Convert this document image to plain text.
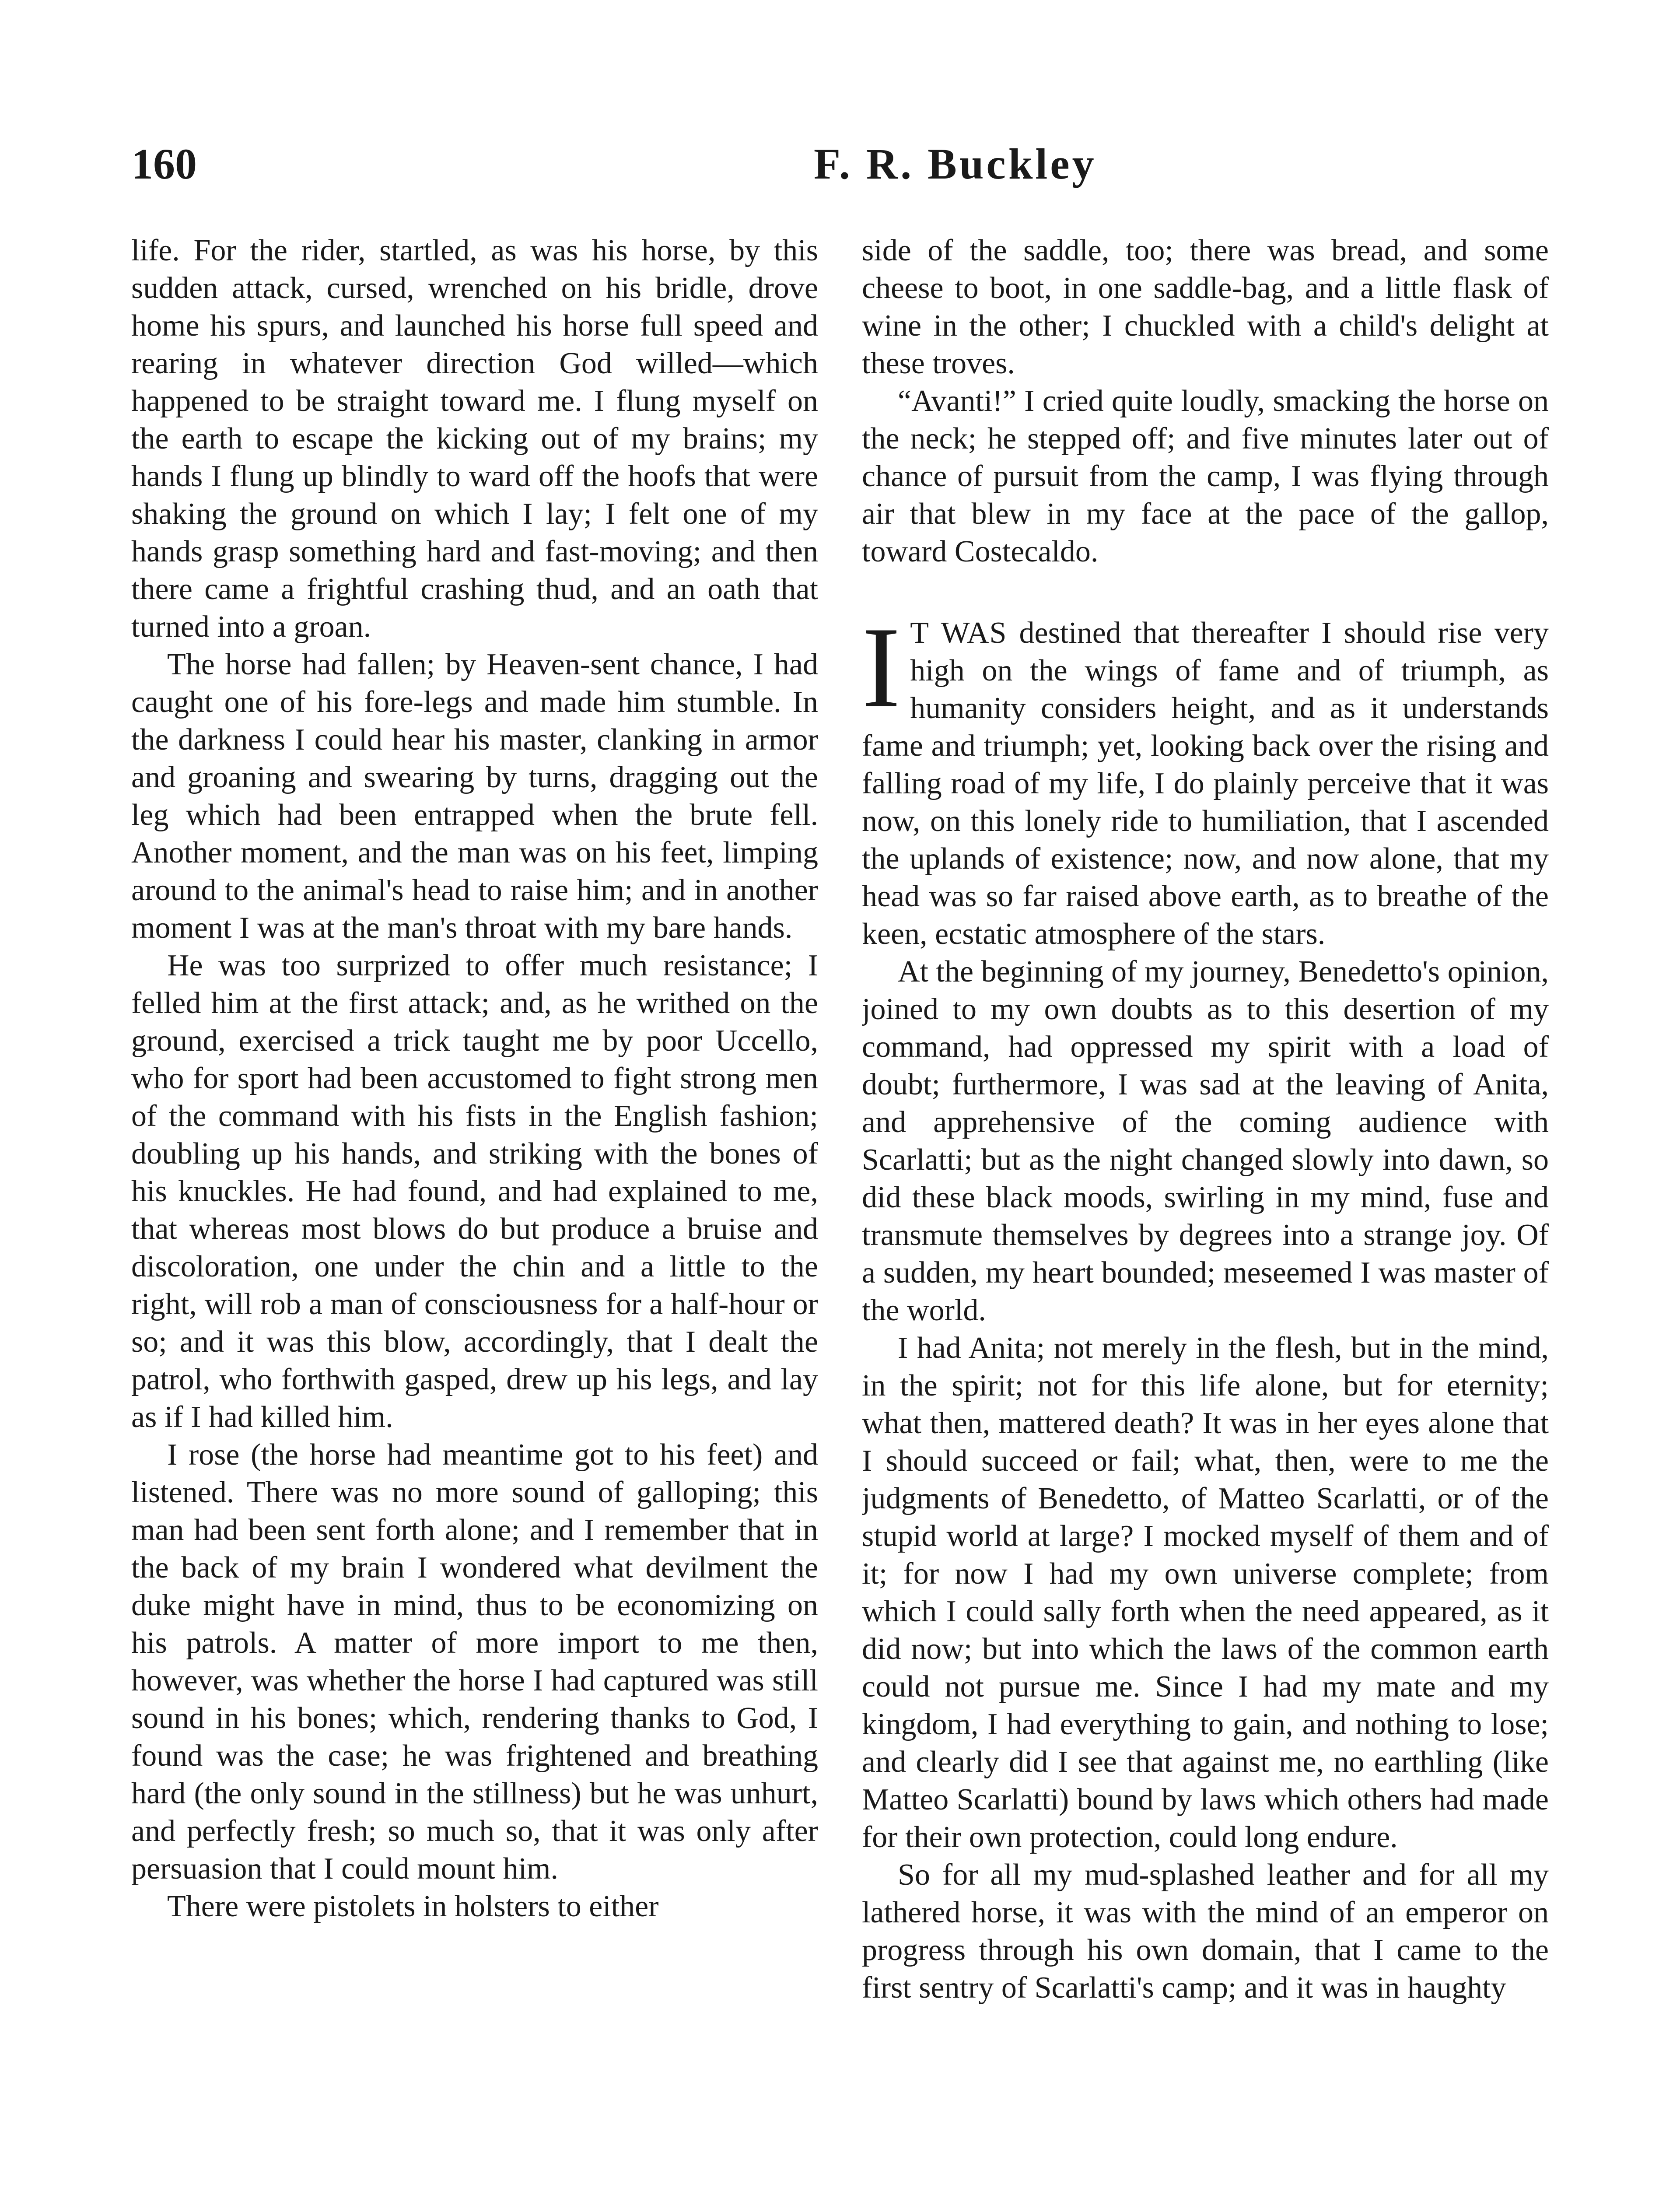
160	F. R. Buckley

life. For the rider, startled, as was his horse, by this sudden attack, cursed, wrenched on his bridle, drove home his spurs, and launched his horse full speed and rearing in whatever direction God willed—which happened to be straight toward me. I flung myself on the earth to escape the kicking out of my brains; my hands I flung up blindly to ward off the hoofs that were shaking the ground on which I lay; I felt one of my hands grasp something hard and fast-moving; and then there came a frightful crashing thud, and an oath that turned into a groan.

The horse had fallen; by Heaven-sent chance, I had caught one of his fore-legs and made him stumble. In the darkness I could hear his master, clanking in armor and groaning and swearing by turns, dragging out the leg which had been entrapped when the brute fell. Another moment, and the man was on his feet, limping around to the animal's head to raise him; and in another moment I was at the man's throat with my bare hands.

He was too surprized to offer much resistance; I felled him at the first attack; and, as he writhed on the ground, exercised a trick taught me by poor Uccello, who for sport had been accustomed to fight strong men of the command with his fists in the English fashion; doubling up his hands, and striking with the bones of his knuckles. He had found, and had explained to me, that whereas most blows do but produce a bruise and discoloration, one under the chin and a little to the right, will rob a man of consciousness for a half-hour or so; and it was this blow, accordingly, that I dealt the patrol, who forthwith gasped, drew up his legs, and lay as if I had killed him.

I rose (the horse had meantime got to his feet) and listened. There was no more sound of galloping; this man had been sent forth alone; and I remember that in the back of my brain I wondered what devilment the duke might have in mind, thus to be economizing on his patrols. A matter of more import to me then, however, was whether the horse I had captured was still sound in his bones; which, rendering thanks to God, I found was the case; he was frightened and breathing hard (the only sound in the stillness) but he was unhurt, and perfectly fresh; so much so, that it was only after persuasion that I could mount him.

There were pistolets in holsters to either

side of the saddle, too; there was bread, and some cheese to boot, in one saddle-bag, and a little flask of wine in the other; I chuckled with a child's delight at these troves.

“Avanti!” I cried quite loudly, smacking the horse on the neck; he stepped off; and five minutes later out of chance of pursuit from the camp, I was flying through air that blew in my face at the pace of the gallop, toward Costecaldo.

I T WAS destined that thereafter I should rise very high on the wings of fame and of triumph, as humanity considers height, and as it understands fame and triumph; yet, looking back over the rising and falling road of my life, I do plainly perceive that it was now, on this lonely ride to humiliation, that I ascended the uplands of existence; now, and now alone, that my head was so far raised above earth, as to breathe of the keen, ecstatic atmosphere of the stars.

At the beginning of my journey, Benedetto's opinion, joined to my own doubts as to this desertion of my command, had oppressed my spirit with a load of doubt; furthermore, I was sad at the leaving of Anita, and apprehensive of the coming audience with Scarlatti; but as the night changed slowly into dawn, so did these black moods, swirling in my mind, fuse and transmute themselves by degrees into a strange joy. Of a sudden, my heart bounded; meseemed I was master of the world.

I had Anita; not merely in the flesh, but in the mind, in the spirit; not for this life alone, but for eternity; what then, mattered death? It was in her eyes alone that I should succeed or fail; what, then, were to me the judgments of Benedetto, of Matteo Scarlatti, or of the stupid world at large? I mocked myself of them and of it; for now I had my own universe complete; from which I could sally forth when the need appeared, as it did now; but into which the laws of the common earth could not pursue me. Since I had my mate and my kingdom, I had everything to gain, and nothing to lose; and clearly did I see that against me, no earthling (like Matteo Scarlatti) bound by laws which others had made for their own protection, could long endure.

So for all my mud-splashed leather and for all my lathered horse, it was with the mind of an emperor on progress through his own domain, that I came to the first sentry of Scarlatti's camp; and it was in haughty
